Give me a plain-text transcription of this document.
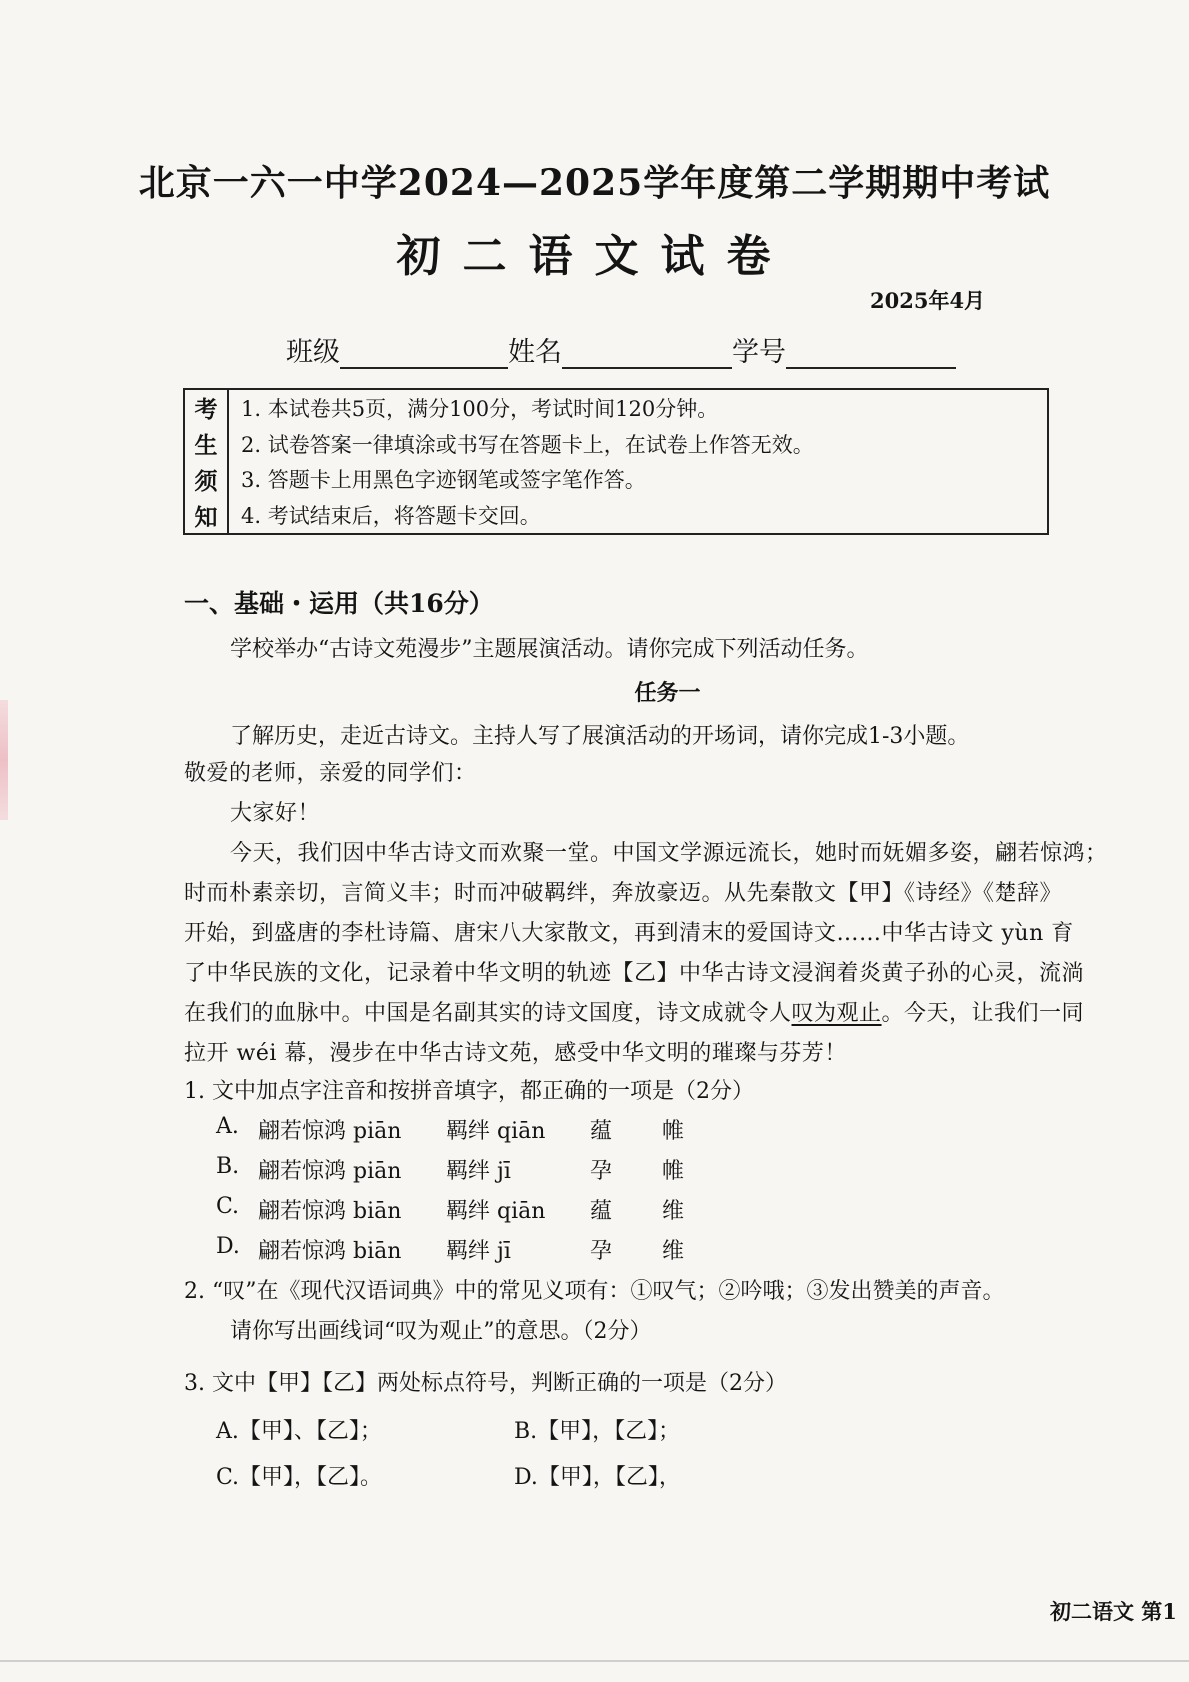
北京一六一中学2024—2025学年度第二学期期中考试
初二语文试卷
2025年4月
班级	姓名	学号
考
生
须
知
1. 本试卷共5页，满分100分，考试时间120分钟。
2. 试卷答案一律填涂或书写在答题卡上，在试卷上作答无效。
3. 答题卡上用黑色字迹钢笔或签字笔作答。
4. 考试结束后，将答题卡交回。
一、基础・运用（共16分）
学校举办“古诗文苑漫步”主题展演活动。请你完成下列活动任务。
任务一
了解历史，走近古诗文。主持人写了展演活动的开场词，请你完成1-3小题。
敬爱的老师，亲爱的同学们：
大家好！
今天，我们因中华古诗文而欢聚一堂。中国文学源远流长，她时而妩媚多姿，翩若惊鸿；
时而朴素亲切，言简义丰；时而冲破羁绊，奔放豪迈。从先秦散文【甲】《诗经》《楚辞》
开始，到盛唐的李杜诗篇、唐宋八大家散文，再到清末的爱国诗文……中华古诗文 yùn 育
了中华民族的文化，记录着中华文明的轨迹【乙】中华古诗文浸润着炎黄子孙的心灵，流淌
在我们的血脉中。中国是名副其实的诗文国度，诗文成就令人叹为观止。今天，让我们一同
拉开 wéi 幕，漫步在中华古诗文苑，感受中华文明的璀璨与芬芳！
1. 文中加点字注音和按拼音填字，都正确的一项是（2分）
A. 翩若惊鸿 piān 羁绊 qiān 蕴 帷
B. 翩若惊鸿 piān 羁绊 jī	孕 帷
C. 翩若惊鸿 biān 羁绊 qiān 蕴 维
D. 翩若惊鸿 biān 羁绊 jī	孕 维
2. “叹”在《现代汉语词典》中的常见义项有：①叹气；②吟哦；③发出赞美的声音。
请你写出画线词“叹为观止”的意思。（2分）
3. 文中【甲】【乙】两处标点符号，判断正确的一项是（2分）
A.【甲】、【乙】；	B.【甲】，【乙】；
C.【甲】，【乙】。	D.【甲】，【乙】，
初二语文 第1
